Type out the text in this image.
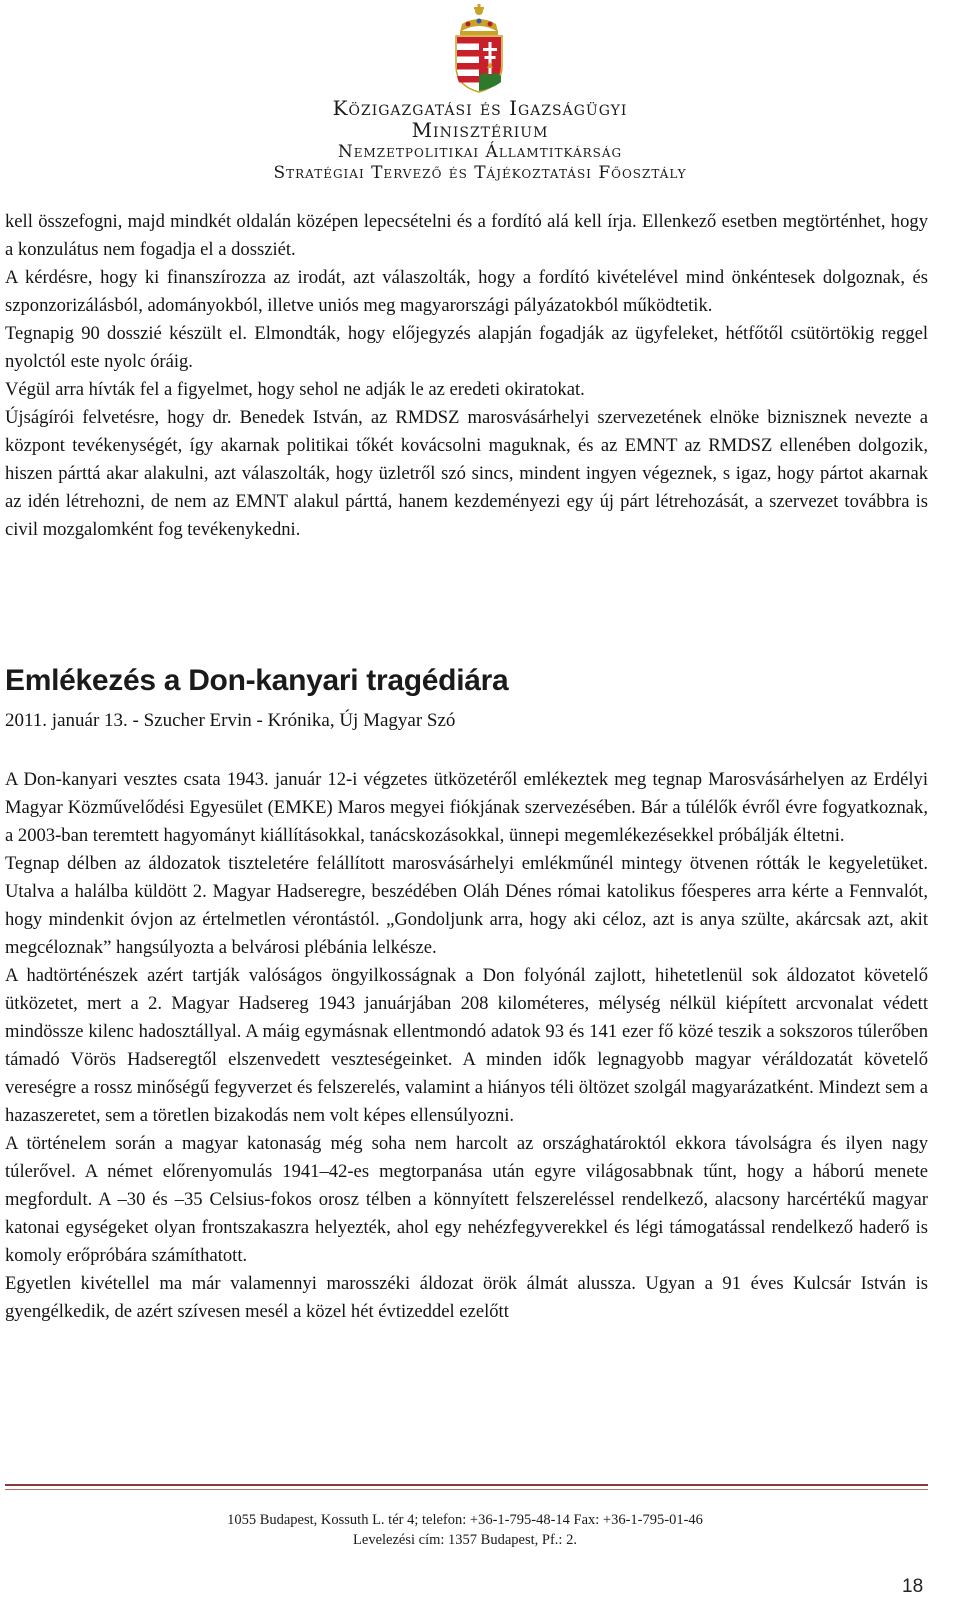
Közigazgatási és Igazságügyi
Minisztérium
Nemzetpolitikai Államtitkárság
Stratégiai Tervező és Tájékoztatási Főosztály

kell összefogni, majd mindkét oldalán középen lepecsételni és a fordító alá kell írja. Ellenkező esetben megtörténhet, hogy a konzulátus nem fogadja el a dossziét.

A kérdésre, hogy ki finanszírozza az irodát, azt válaszolták, hogy a fordító kivételével mind önkéntesek dolgoznak, és szponzorizálásból, adományokból, illetve uniós meg magyarországi pályázatokból működtetik.

Tegnapig 90 dosszié készült el. Elmondták, hogy előjegyzés alapján fogadják az ügyfeleket, hétfőtől csütörtökig reggel nyolctól este nyolc óráig.

Végül arra hívták fel a figyelmet, hogy sehol ne adják le az eredeti okiratokat.

Újságírói felvetésre, hogy dr. Benedek István, az RMDSZ marosvásárhelyi szervezetének elnöke biznisznek nevezte a központ tevékenységét, így akarnak politikai tőkét kovácsolni maguknak, és az EMNT az RMDSZ ellenében dolgozik, hiszen párttá akar alakulni, azt válaszolták, hogy üzletről szó sincs, mindent ingyen végeznek, s igaz, hogy pártot akarnak az idén létrehozni, de nem az EMNT alakul párttá, hanem kezdeményezi egy új párt létrehozását, a szervezet továbbra is civil mozgalomként fog tevékenykedni.

Emlékezés a Don-kanyari tragédiára
2011. január 13. - Szucher Ervin - Krónika, Új Magyar Szó

A Don-kanyari vesztes csata 1943. január 12-i végzetes ütközetéről emlékeztek meg tegnap Marosvásárhelyen az Erdélyi Magyar Közművelődési Egyesület (EMKE) Maros megyei fiókjának szervezésében. Bár a túlélők évről évre fogyatkoznak, a 2003-ban teremtett hagyományt kiállításokkal, tanácskozásokkal, ünnepi megemlékezésekkel próbálják éltetni.

Tegnap délben az áldozatok tiszteletére felállított marosvásárhelyi emlékműnél mintegy ötvenen rótták le kegyeletüket. Utalva a halálba küldött 2. Magyar Hadseregre, beszédében Oláh Dénes római katolikus főesperes arra kérte a Fennvalót, hogy mindenkit óvjon az értelmetlen vérontástól. „Gondoljunk arra, hogy aki céloz, azt is anya szülte, akárcsak azt, akit megcéloznak” hangsúlyozta a belvárosi plébánia lelkésze.

A hadtörténészek azért tartják valóságos öngyilkosságnak a Don folyónál zajlott, hihetetlenül sok áldozatot követelő ütközetet, mert a 2. Magyar Hadsereg 1943 januárjában 208 kilométeres, mélység nélkül kiépített arcvonalat védett mindössze kilenc hadosztállyal. A máig egymásnak ellentmondó adatok 93 és 141 ezer fő közé teszik a sokszoros túlerőben támadó Vörös Hadseregtől elszenvedett veszteségeinket. A minden idők legnagyobb magyar véráldozatát követelő vereségre a rossz minőségű fegyverzet és felszerelés, valamint a hiányos téli öltözet szolgál magyarázatként. Mindezt sem a hazaszeretet, sem a töretlen bizakodás nem volt képes ellensúlyozni.

A történelem során a magyar katonaság még soha nem harcolt az országhatároktól ekkora távolságra és ilyen nagy túlerővel. A német előrenyomulás 1941–42-es megtorpanása után egyre világosabbnak tűnt, hogy a háború menete megfordult. A –30 és –35 Celsius-fokos orosz télben a könnyített felszereléssel rendelkező, alacsony harcértékű magyar katonai egységeket olyan frontszakaszra helyezték, ahol egy nehézfegyverekkel és légi támogatással rendelkező haderő is komoly erőpróbára számíthatott.

Egyetlen kivétellel ma már valamennyi marosszéki áldozat örök álmát alussza. Ugyan a 91 éves Kulcsár István is gyengélkedik, de azért szívesen mesél a közel hét évtizeddel ezelőtt

1055 Budapest, Kossuth L. tér 4; telefon: +36-1-795-48-14 Fax: +36-1-795-01-46
Levelezési cím: 1357 Budapest, Pf.: 2.
18
